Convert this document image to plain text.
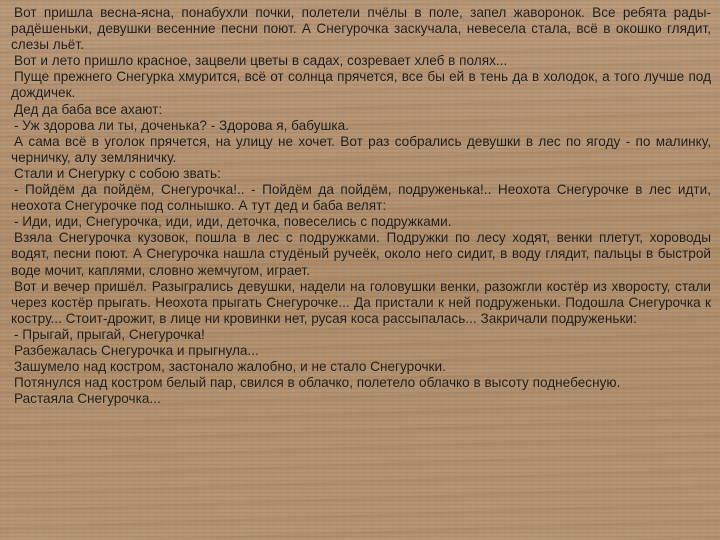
Вот пришла весна-ясна, понабухли почки, полетели пчёлы в поле, запел жаворонок. Все ребята рады-радёшеньки, девушки весенние песни поют. А Снегурочка заскучала, невесела стала, всё в окошко глядит, слезы льёт.

Вот и лето пришло красное, зацвели цветы в садах, созревает хлеб в полях...

Пуще прежнего Снегурка хмурится, всё от солнца прячется, все бы ей в тень да в холодок, а того лучше под дождичек.

Дед да баба все ахают:

- Уж здорова ли ты, доченька? - Здорова я, бабушка.

А сама всё в уголок прячется, на улицу не хочет. Вот раз собрались девушки в лес по ягоду - по малинку, черничку, алу земляничку.

Стали и Снегурку с собою звать:

- Пойдём да пойдём, Снегурочка!.. - Пойдём да пойдём, подруженька!.. Неохота Снегурочке в лес идти, неохота Снегурочке под солнышко. А тут дед и баба велят:

- Иди, иди, Снегурочка, иди, иди, деточка, повеселись с подружками.

Взяла Снегурочка кузовок, пошла в лес с подружками. Подружки по лесу ходят, венки плетут, хороводы водят, песни поют. А Снегурочка нашла студёный ручеёк, около него сидит, в воду глядит, пальцы в быстрой воде мочит, каплями, словно жемчугом, играет.

Вот и вечер пришёл. Разыгрались девушки, надели на головушки венки, разожгли костёр из хворосту, стали через костёр прыгать. Неохота прыгать Снегурочке... Да пристали к ней подруженьки. Подошла Снегурочка к костру... Стоит-дрожит, в лице ни кровинки нет, русая коса рассыпалась... Закричали подруженьки:

- Прыгай, прыгай, Снегурочка!

Разбежалась Снегурочка и прыгнула...

Зашумело над костром, застонало жалобно, и не стало Снегурочки.

Потянулся над костром белый пар, свился в облачко, полетело облачко в высоту поднебесную.

Растаяла Снегурочка...
